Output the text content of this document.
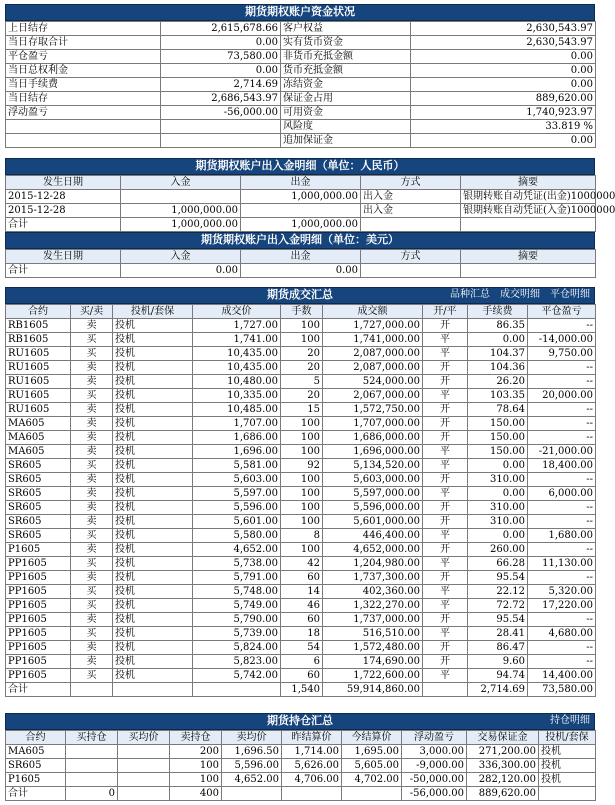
期货期权账户资金状况
上日结存	2,615,678.66	客户权益	2,630,543.97
当日存取合计	0.00	实有货币资金	2,630,543.97
平仓盈亏	73,580.00	非货币充抵金额	0.00
当日总权利金	0.00	货币充抵金额	0.00
当日手续费	2,714.69	冻结资金	0.00
当日结存	2,686,543.97	保证金占用	889,620.00
浮动盈亏	-56,000.00	可用资金	1,740,923.97
		风险度	33.819 %
		追加保证金	0.00
期货期权账户出入金明细（单位：人民币）
发生日期	入金	出金	方式	摘要
2015-12-28		1,000,000.00	出入金	银期转账自动凭证(出金)1000000
2015-12-28	1,000,000.00		出入金	银期转账自动凭证(入金)1000000
合计	1,000,000.00	1,000,000.00		
期货期权账户出入金明细（单位：美元）
发生日期	入金	出金	方式	摘要
合计	0.00	0.00		
期货成交汇总	品种汇总 成交明细 平仓明细
合约	买/卖	投机/套保	成交价	手数	成交额	开/平	手续费	平仓盈亏
RB1605	卖	投机	1,727.00	100	1,727,000.00	开	86.35	--
RB1605	买	投机	1,741.00	100	1,741,000.00	平	0.00	-14,000.00
RU1605	买	投机	10,435.00	20	2,087,000.00	平	104.37	9,750.00
RU1605	卖	投机	10,435.00	20	2,087,000.00	开	104.36	--
RU1605	卖	投机	10,480.00	5	524,000.00	开	26.20	--
RU1605	买	投机	10,335.00	20	2,067,000.00	平	103.35	20,000.00
RU1605	卖	投机	10,485.00	15	1,572,750.00	开	78.64	--
MA605	卖	投机	1,707.00	100	1,707,000.00	开	150.00	--
MA605	卖	投机	1,686.00	100	1,686,000.00	开	150.00	--
MA605	卖	投机	1,696.00	100	1,696,000.00	平	150.00	-21,000.00
SR605	买	投机	5,581.00	92	5,134,520.00	平	0.00	18,400.00
SR605	卖	投机	5,603.00	100	5,603,000.00	开	310.00	--
SR605	卖	投机	5,597.00	100	5,597,000.00	平	0.00	6,000.00
SR605	卖	投机	5,596.00	100	5,596,000.00	开	310.00	--
SR605	卖	投机	5,601.00	100	5,601,000.00	开	310.00	--
SR605	买	投机	5,580.00	8	446,400.00	平	0.00	1,680.00
P1605	卖	投机	4,652.00	100	4,652,000.00	开	260.00	--
PP1605	买	投机	5,738.00	42	1,204,980.00	平	66.28	11,130.00
PP1605	卖	投机	5,791.00	60	1,737,300.00	开	95.54	--
PP1605	买	投机	5,748.00	14	402,360.00	平	22.12	5,320.00
PP1605	买	投机	5,749.00	46	1,322,270.00	平	72.72	17,220.00
PP1605	卖	投机	5,790.00	60	1,737,000.00	开	95.54	--
PP1605	买	投机	5,739.00	18	516,510.00	平	28.41	4,680.00
PP1605	卖	投机	5,824.00	54	1,572,480.00	开	86.47	--
PP1605	卖	投机	5,823.00	6	174,690.00	开	9.60	--
PP1605	买	投机	5,742.00	60	1,722,600.00	平	94.74	14,400.00
合计				1,540	59,914,860.00		2,714.69	73,580.00
期货持仓汇总	持仓明细
合约	买持仓	买均价	卖持仓	卖均价	昨结算价	今结算价	浮动盈亏	交易保证金	投机/套保
MA605			200	1,696.50	1,714.00	1,695.00	3,000.00	271,200.00	投机
SR605			100	5,596.00	5,626.00	5,605.00	-9,000.00	336,300.00	投机
P1605			100	4,652.00	4,706.00	4,702.00	-50,000.00	282,120.00	投机
合计	0		400				-56,000.00	889,620.00	
